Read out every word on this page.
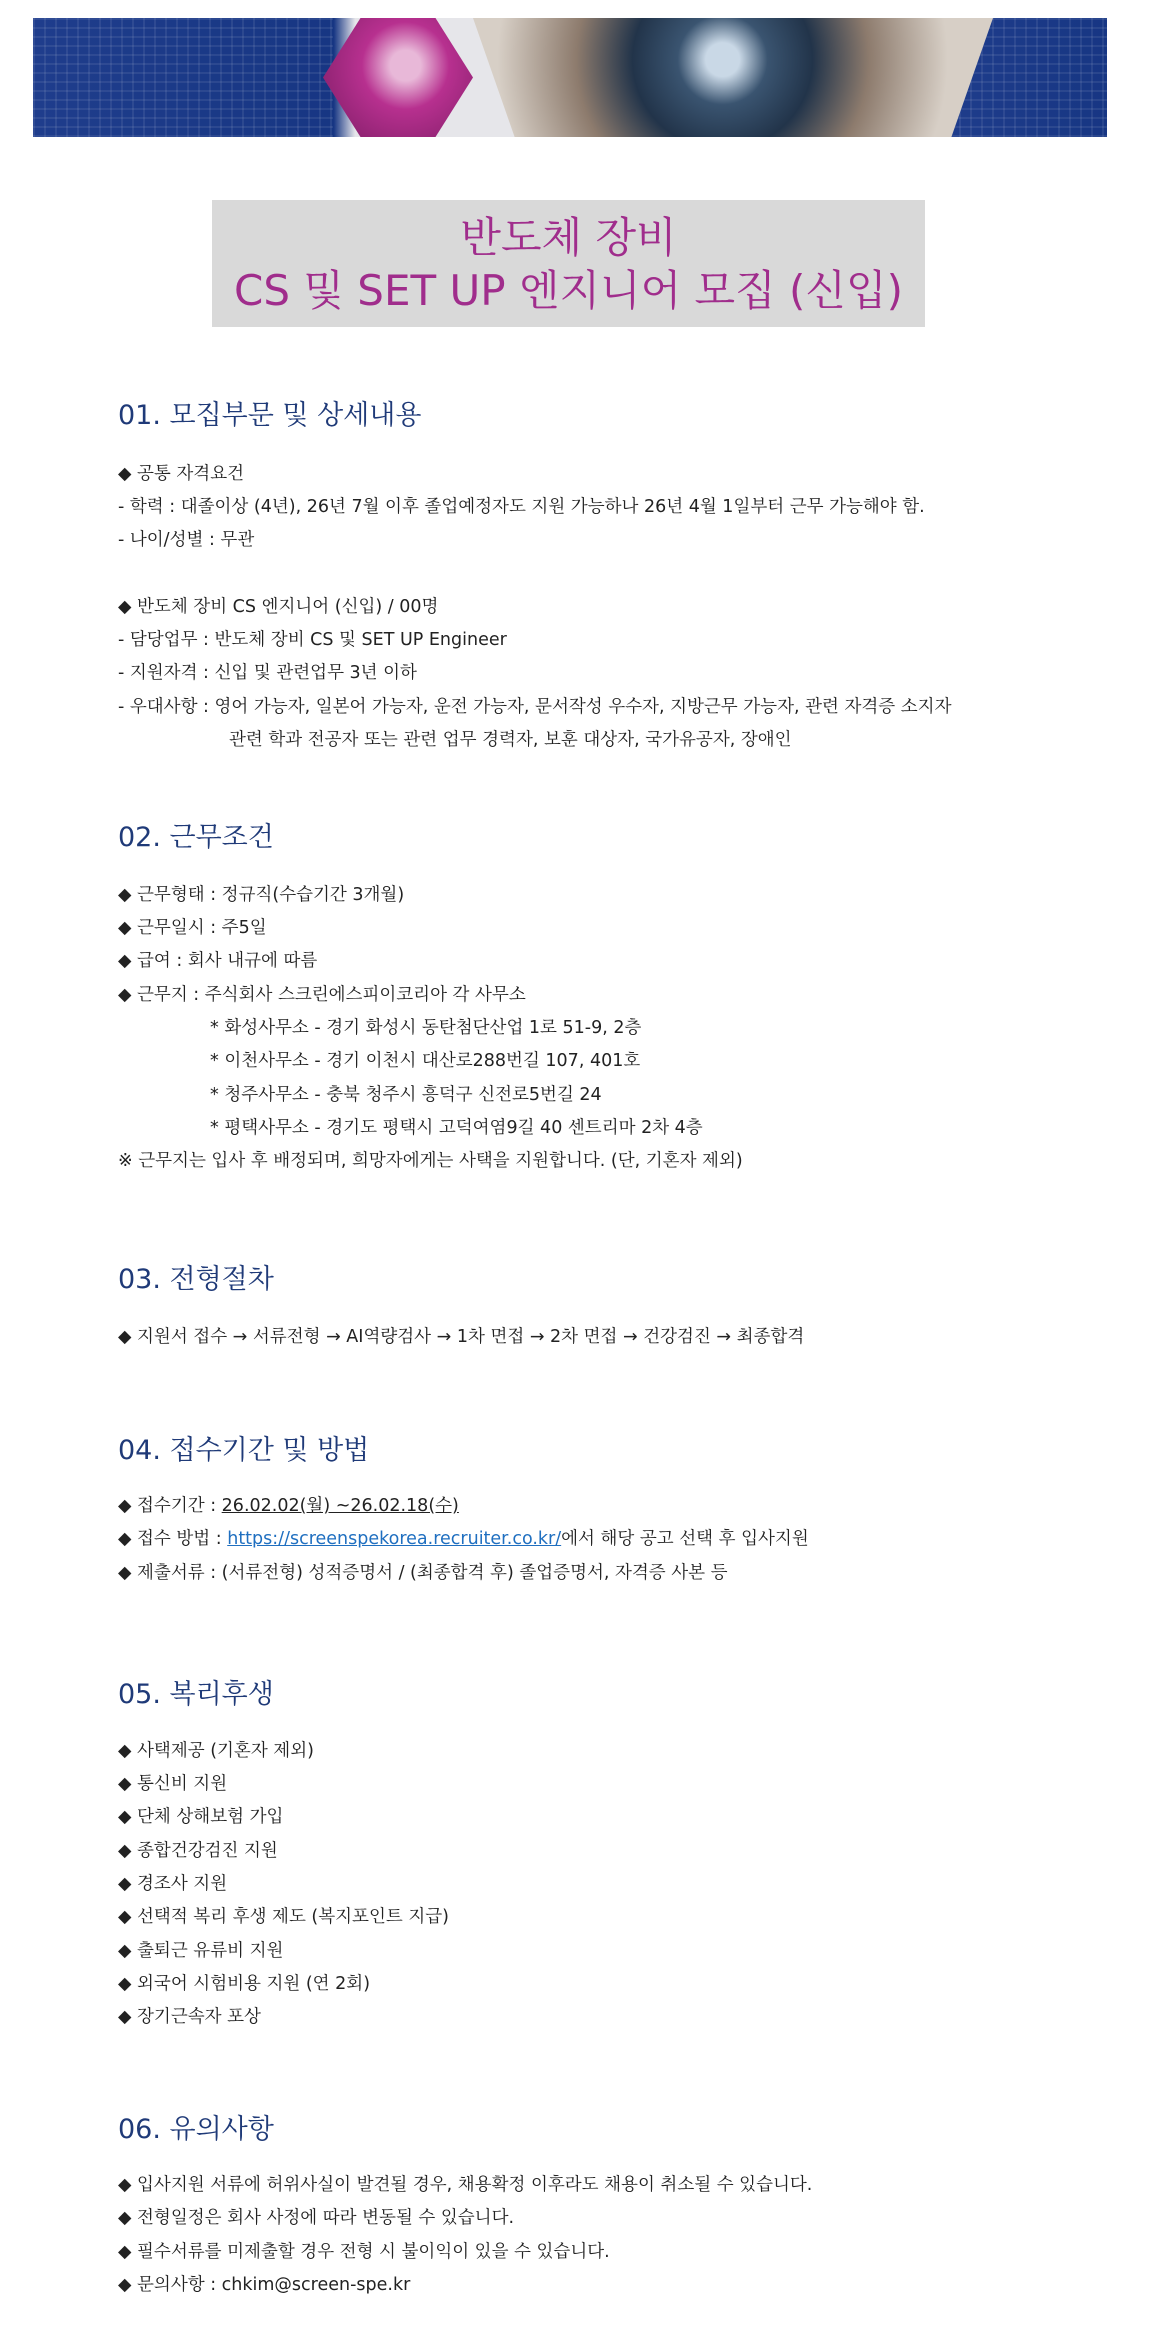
반도체 장비
CS 및 SET UP 엔지니어 모집 (신입)
01. 모집부문 및 상세내용
◆ 공통 자격요건
- 학력 : 대졸이상 (4년), 26년 7월 이후 졸업예정자도 지원 가능하나 26년 4월 1일부터 근무 가능해야 함.
- 나이/성별 : 무관
◆ 반도체 장비 CS 엔지니어 (신입) / 00명
- 담당업무 : 반도체 장비 CS 및 SET UP Engineer
- 지원자격 : 신입 및 관련업무 3년 이하
- 우대사항 : 영어 가능자, 일본어 가능자, 운전 가능자, 문서작성 우수자, 지방근무 가능자, 관련 자격증 소지자
관련 학과 전공자 또는 관련 업무 경력자, 보훈 대상자, 국가유공자, 장애인
02. 근무조건
◆ 근무형태 : 정규직(수습기간 3개월)
◆ 근무일시 : 주5일
◆ 급여 : 회사 내규에 따름
◆ 근무지 : 주식회사 스크린에스피이코리아 각 사무소
* 화성사무소 - 경기 화성시 동탄첨단산업 1로 51-9, 2층
* 이천사무소 - 경기 이천시 대산로288번길 107, 401호
* 청주사무소 - 충북 청주시 흥덕구 신전로5번길 24
* 평택사무소 - 경기도 평택시 고덕여염9길 40 센트리마 2차 4층
※ 근무지는 입사 후 배정되며, 희망자에게는 사택을 지원합니다. (단, 기혼자 제외)
03. 전형절차
◆ 지원서 접수 → 서류전형 → AI역량검사 → 1차 면접 → 2차 면접 → 건강검진 → 최종합격
04. 접수기간 및 방법
◆ 접수기간 : 26.02.02(월) ~26.02.18(수)
◆ 접수 방법 : https://screenspekorea.recruiter.co.kr/에서 해당 공고 선택 후 입사지원
◆ 제출서류 : (서류전형) 성적증명서 / (최종합격 후) 졸업증명서, 자격증 사본 등
05. 복리후생
◆ 사택제공 (기혼자 제외)
◆ 통신비 지원
◆ 단체 상해보험 가입
◆ 종합건강검진 지원
◆ 경조사 지원
◆ 선택적 복리 후생 제도 (복지포인트 지급)
◆ 출퇴근 유류비 지원
◆ 외국어 시험비용 지원 (연 2회)
◆ 장기근속자 포상
06. 유의사항
◆ 입사지원 서류에 허위사실이 발견될 경우, 채용확정 이후라도 채용이 취소될 수 있습니다.
◆ 전형일정은 회사 사정에 따라 변동될 수 있습니다.
◆ 필수서류를 미제출할 경우 전형 시 불이익이 있을 수 있습니다.
◆ 문의사항 : chkim@screen-spe.kr
